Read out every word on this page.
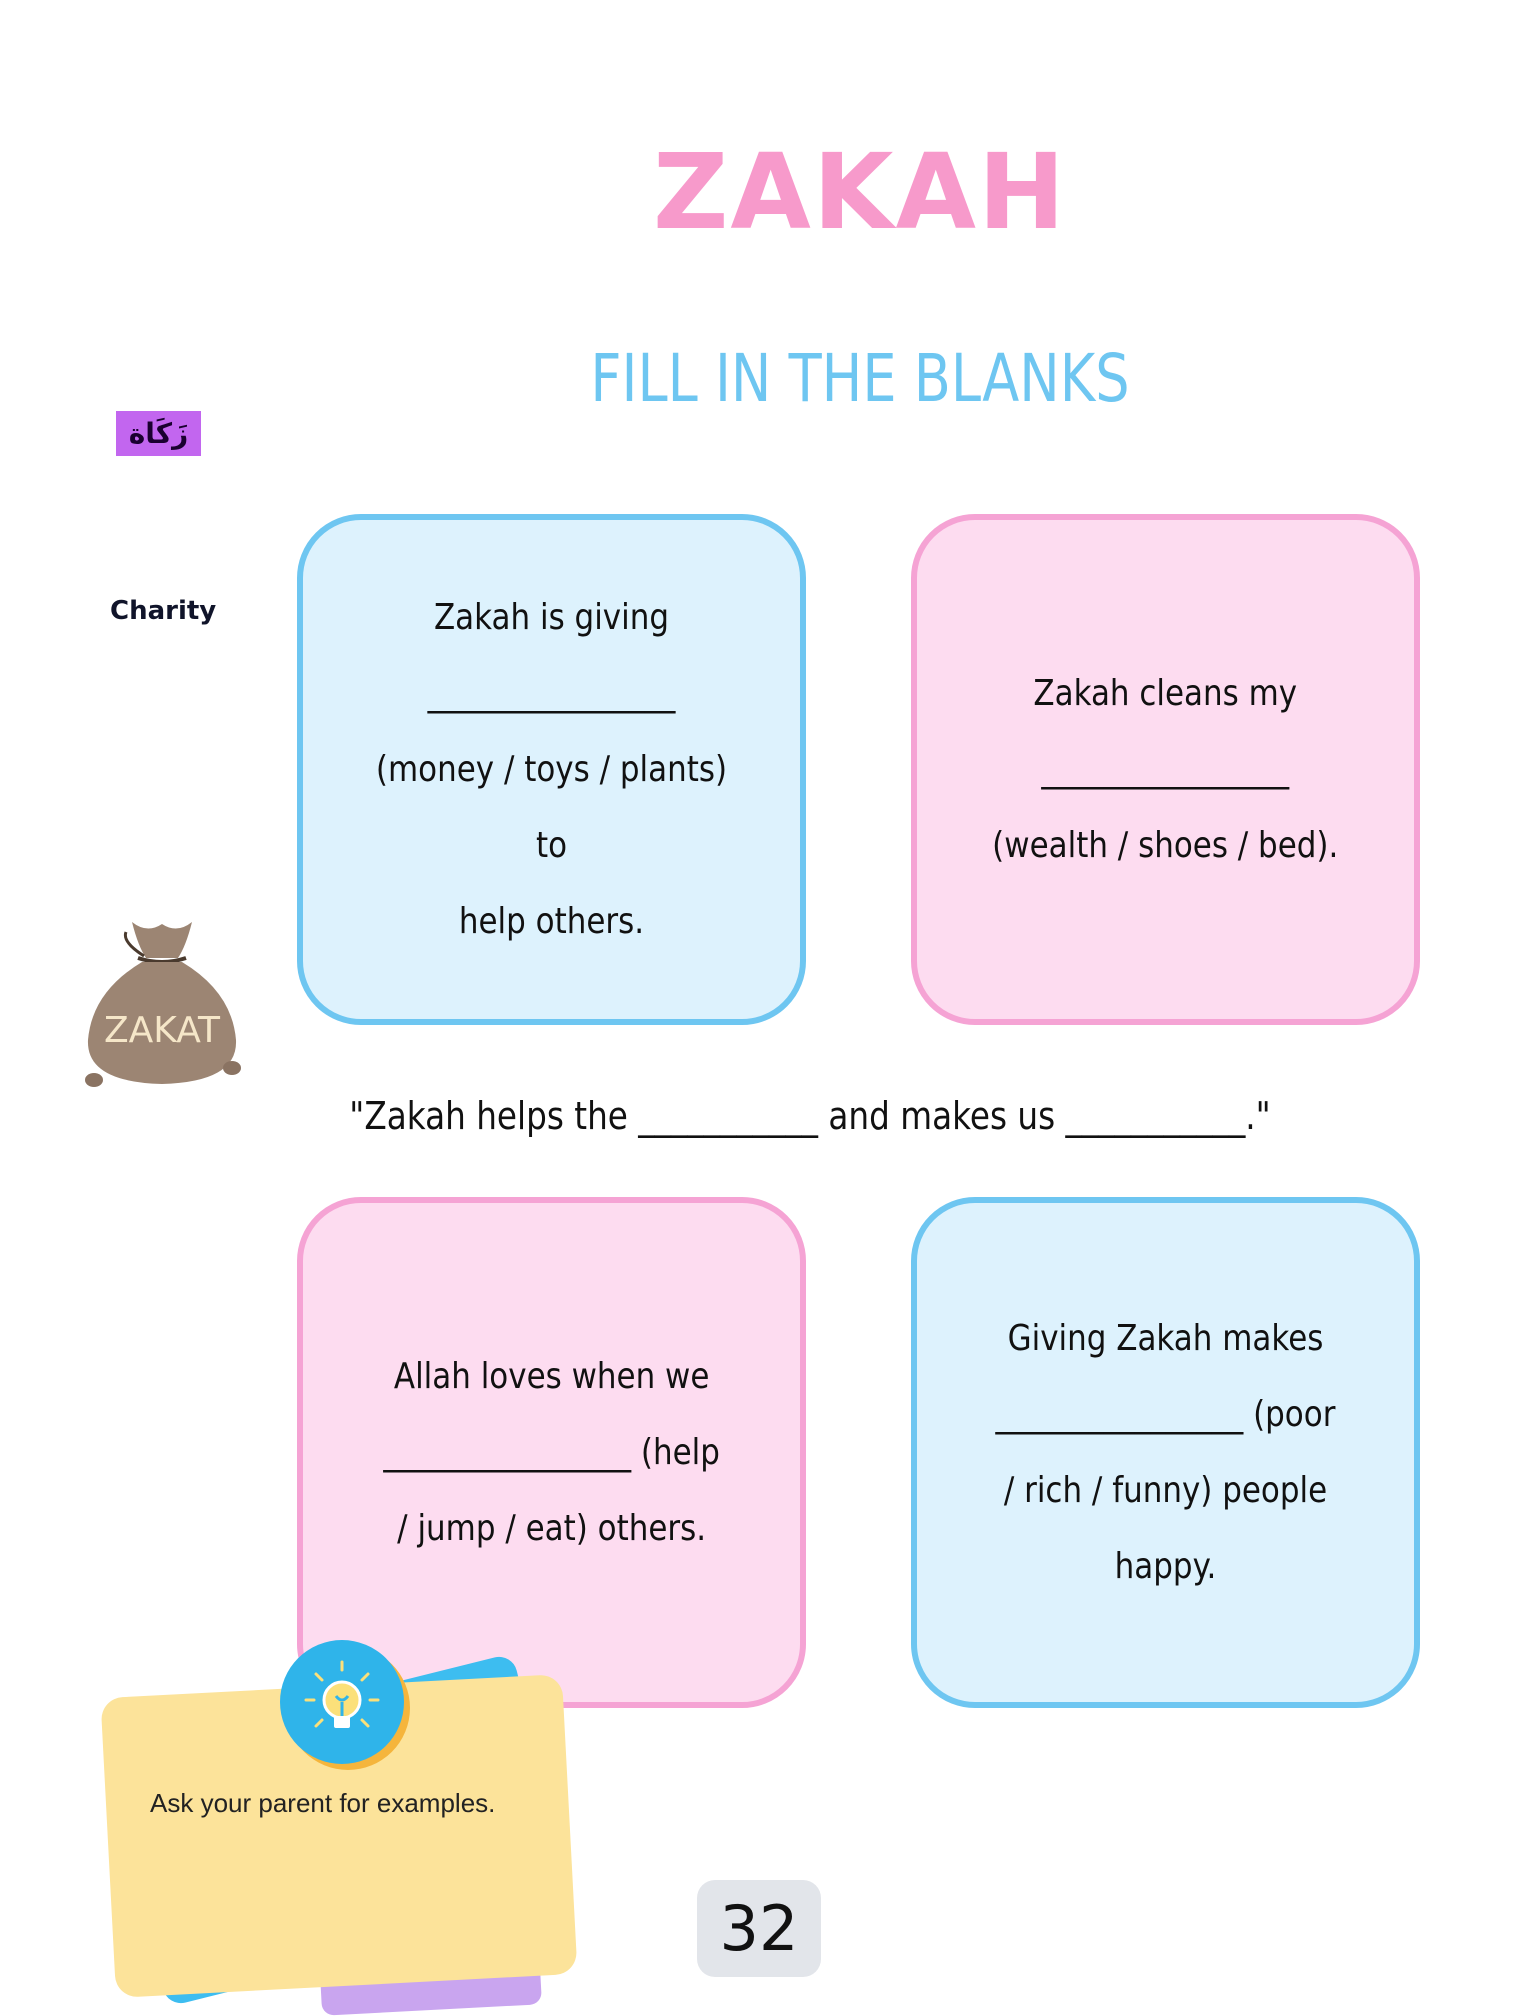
ZAKAH
FILL IN THE BLANKS
زَكَاة
Charity
ZAKAT
Zakah is giving
________________
(money / toys / plants) to
help others.
Zakah cleans my
________________
(wealth / shoes / bed).
"Zakah helps the ___________ and makes us ___________."
Allah loves when we
________________ (help
/ jump / eat) others.
Giving Zakah makes
________________ (poor
/ rich / funny) people happy.
Ask your parent for examples.
32
